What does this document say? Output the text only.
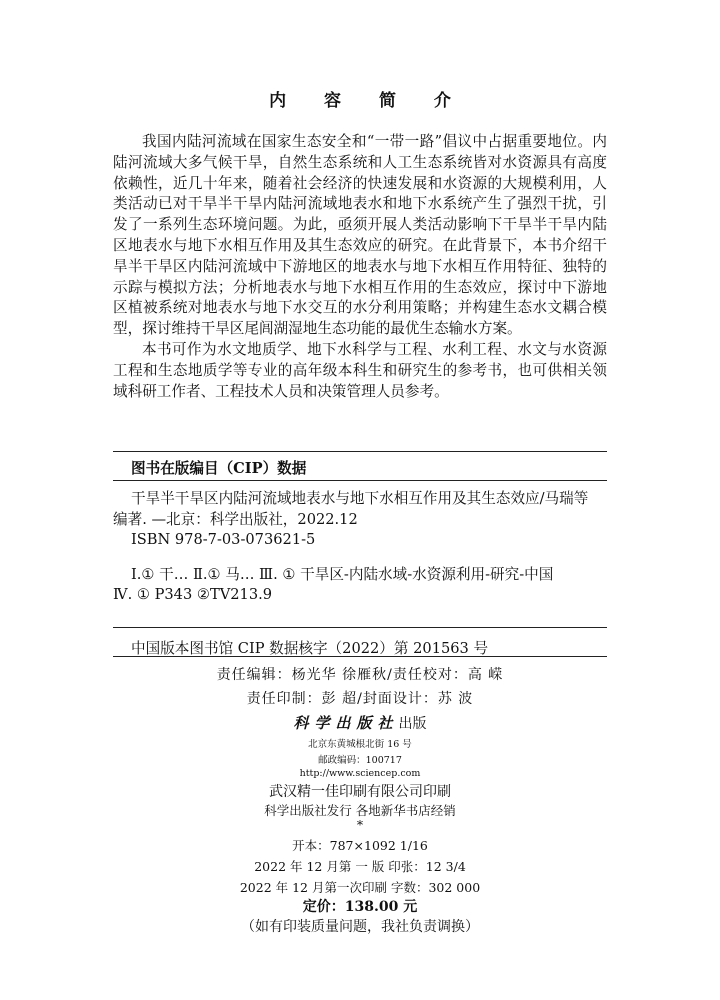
内 容 简 介

我国内陆河流域在国家生态安全和“一带一路”倡议中占据重要地位。内陆河流域大多气候干旱，自然生态系统和人工生态系统皆对水资源具有高度依赖性，近几十年来，随着社会经济的快速发展和水资源的大规模利用，人类活动已对干旱半干旱内陆河流域地表水和地下水系统产生了强烈干扰，引发了一系列生态环境问题。为此，亟须开展人类活动影响下干旱半干旱内陆区地表水与地下水相互作用及其生态效应的研究。在此背景下，本书介绍干旱半干旱区内陆河流域中下游地区的地表水与地下水相互作用特征、独特的示踪与模拟方法；分析地表水与地下水相互作用的生态效应，探讨中下游地区植被系统对地表水与地下水交互的水分利用策略；并构建生态水文耦合模型，探讨维持干旱区尾闾湖湿地生态功能的最优生态输水方案。

本书可作为水文地质学、地下水科学与工程、水利工程、水文与水资源工程和生态地质学等专业的高年级本科生和研究生的参考书，也可供相关领域科研工作者、工程技术人员和决策管理人员参考。

图书在版编目（CIP）数据
干旱半干旱区内陆河流域地表水与地下水相互作用及其生态效应/马瑞等
编著. —北京：科学出版社，2022.12
ISBN 978-7-03-073621-5
Ⅰ.① 干… Ⅱ.① 马… Ⅲ. ① 干旱区-内陆水域-水资源利用-研究-中国
Ⅳ. ① P343 ②TV213.9
中国版本图书馆 CIP 数据核字（2022）第 201563 号
责任编辑：杨光华 徐雁秋/责任校对：高 嵘
责任印制：彭 超/封面设计：苏 波
科学出版社出版
北京东黄城根北街 16 号
邮政编码：100717
http://www.sciencep.com
武汉精一佳印刷有限公司印刷
科学出版社发行 各地新华书店经销
*
开本：787×1092 1/16
2022 年 12 月第 一 版 印张：12 3/4
2022 年 12 月第一次印刷 字数：302 000
定价：138.00 元
（如有印装质量问题，我社负责调换）
